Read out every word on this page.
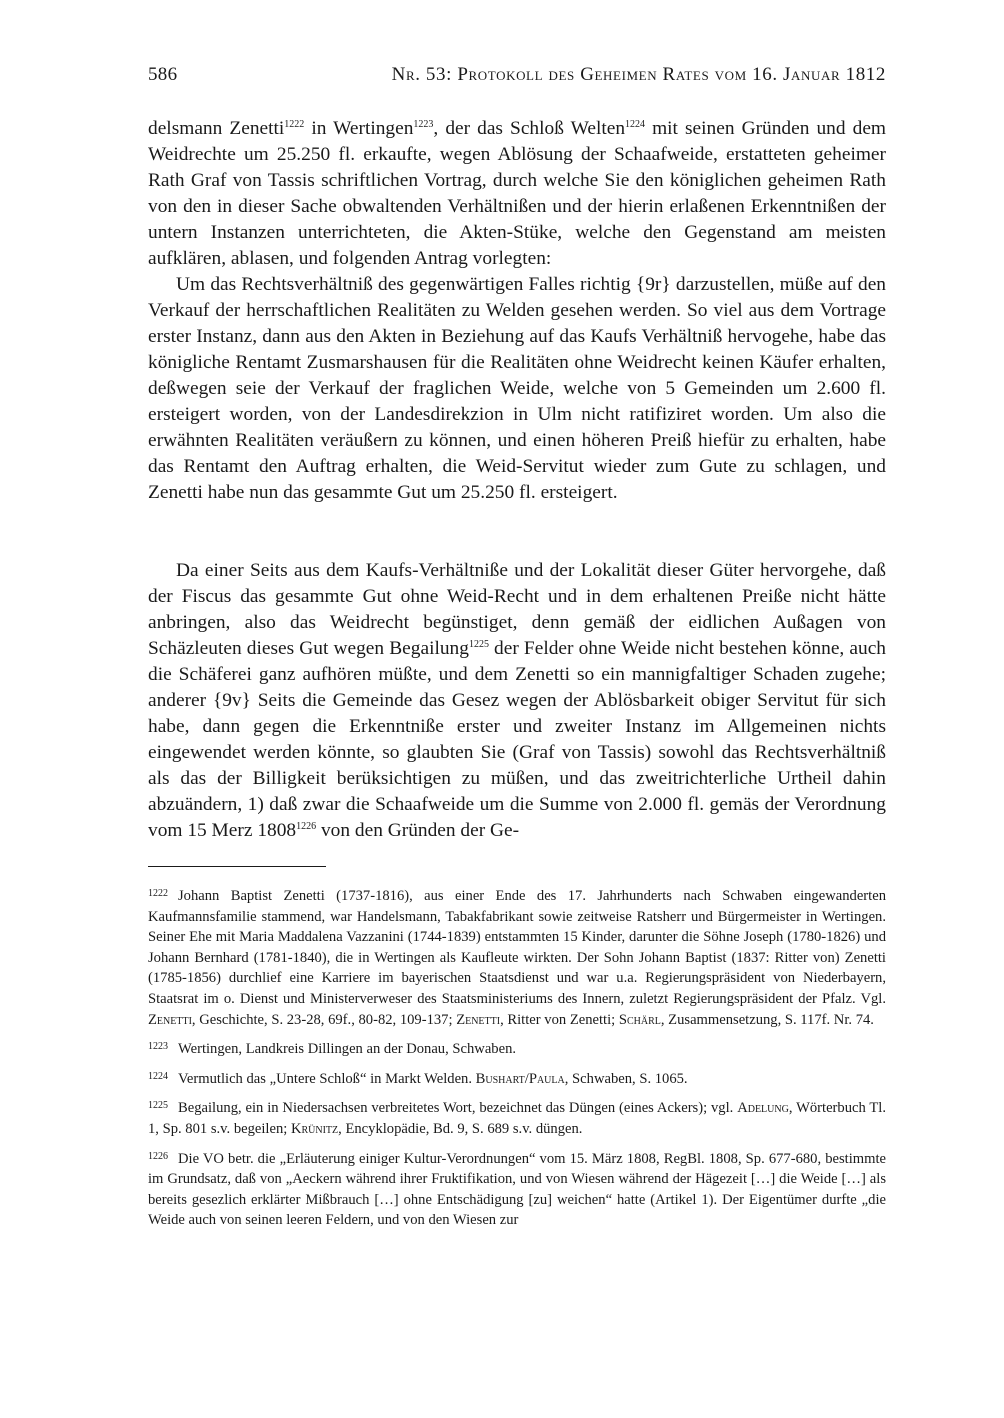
586	Nr. 53: Protokoll des Geheimen Rates vom 16. Januar 1812

delsmann Zenetti$^{1222}$ in Wertingen$^{1223}$, der das Schloß Welten$^{1224}$ mit seinen Gründen und dem Weidrechte um 25.250 fl. erkaufte, wegen Ablösung der Schaafweide, erstatteten geheimer Rath Graf von Tassis schriftlichen Vortrag, durch welche Sie den königlichen geheimen Rath von den in dieser Sache obwaltenden Verhältnißen und der hierin erlaßenen Erkenntnißen der untern Instanzen unterrichteten, die Akten-Stüke, welche den Gegenstand am meisten aufklären, ablasen, und folgenden Antrag vorlegten:

Um das Rechtsverhältniß des gegenwärtigen Falles richtig {9r} darzustellen, müße auf den Verkauf der herrschaftlichen Realitäten zu Welden gesehen werden. So viel aus dem Vortrage erster Instanz, dann aus den Akten in Beziehung auf das Kaufs Verhältniß hervogehe, habe das königliche Rentamt Zusmarshausen für die Realitäten ohne Weidrecht keinen Käufer erhalten, deßwegen seie der Verkauf der fraglichen Weide, welche von 5 Gemeinden um 2.600 fl. ersteigert worden, von der Landesdirekzion in Ulm nicht ratifiziret worden. Um also die erwähnten Realitäten veräußern zu können, und einen höheren Preiß hiefür zu erhalten, habe das Rentamt den Auftrag erhalten, die Weid-Servitut wieder zum Gute zu schlagen, und Zenetti habe nun das gesammte Gut um 25.250 fl. ersteigert.

Da einer Seits aus dem Kaufs-Verhältniße und der Lokalität dieser Güter hervorgehe, daß der Fiscus das gesammte Gut ohne Weid-Recht und in dem erhaltenen Preiße nicht hätte anbringen, also das Weidrecht begünstiget, denn gemäß der eidlichen Außagen von Schäzleuten dieses Gut wegen Begailung$^{1225}$ der Felder ohne Weide nicht bestehen könne, auch die Schäferei ganz aufhören müßte, und dem Zenetti so ein mannigfaltiger Schaden zugehe; anderer {9v} Seits die Gemeinde das Gesez wegen der Ablösbarkeit obiger Servitut für sich habe, dann gegen die Erkenntniße erster und zweiter Instanz im Allgemeinen nichts eingewendet werden könnte, so glaubten Sie (Graf von Tassis) sowohl das Rechtsverhältniß als das der Billigkeit berüksichtigen zu müßen, und das zweitrichterliche Urtheil dahin abzuändern, 1) daß zwar die Schaafweide um die Summe von 2.000 fl. gemäs der Verordnung vom 15 Merz $1808^{1226}$ von den Gründen der Ge-

$^{1222}$ Johann Baptist Zenetti (1737-1816), aus einer Ende des 17. Jahrhunderts nach Schwaben eingewanderten Kaufmannsfamilie stammend, war Handelsmann, Tabakfabrikant sowie zeitweise Ratsherr und Bürgermeister in Wertingen. Seiner Ehe mit Maria Maddalena Vazzanini (1744-1839) entstammten 15 Kinder, darunter die Söhne Joseph (1780-1826) und Johann Bernhard (1781-1840), die in Wertingen als Kaufleute wirkten. Der Sohn Johann Baptist (1837: Ritter von) Zenetti (1785-1856) durchlief eine Karriere im bayerischen Staatsdienst und war u.a. Regierungspräsident von Niederbayern, Staatsrat im o. Dienst und Ministerverweser des Staatsministeriums des Innern, zuletzt Regierungspräsident der Pfalz. Vgl. Zenetti, Geschichte, S. 23-28, 69f., 80-82, 109-137; Zenetti, Ritter von Zenetti; Schärl, Zusammensetzung, S. 117f. Nr. 74.

$^{1223}$ Wertingen, Landkreis Dillingen an der Donau, Schwaben.

$^{1224}$ Vermutlich das „Untere Schloß“ in Markt Welden. Bushart/Paula, Schwaben, S. 1065.

$^{1225}$ Begailung, ein in Niedersachsen verbreitetes Wort, bezeichnet das Düngen (eines Ackers); vgl. Adelung, Wörterbuch Tl. 1, Sp. 801 s.v. begeilen; Krünitz, Encyklopädie, Bd. 9, S. 689 s.v. düngen.

$^{1226}$ Die VO betr. die „Erläuterung einiger Kultur-Verordnungen“ vom 15. März 1808, RegBl. 1808, Sp. 677-680, bestimmte im Grundsatz, daß von „Aeckern während ihrer Fruktifikation, und von Wiesen während der Hägezeit […] die Weide […] als bereits gesezlich erklärter Mißbrauch […] ohne Entschädigung [zu] weichen“ hatte (Artikel 1). Der Eigentümer durfte „die Weide auch von seinen leeren Feldern, und von den Wiesen zur
